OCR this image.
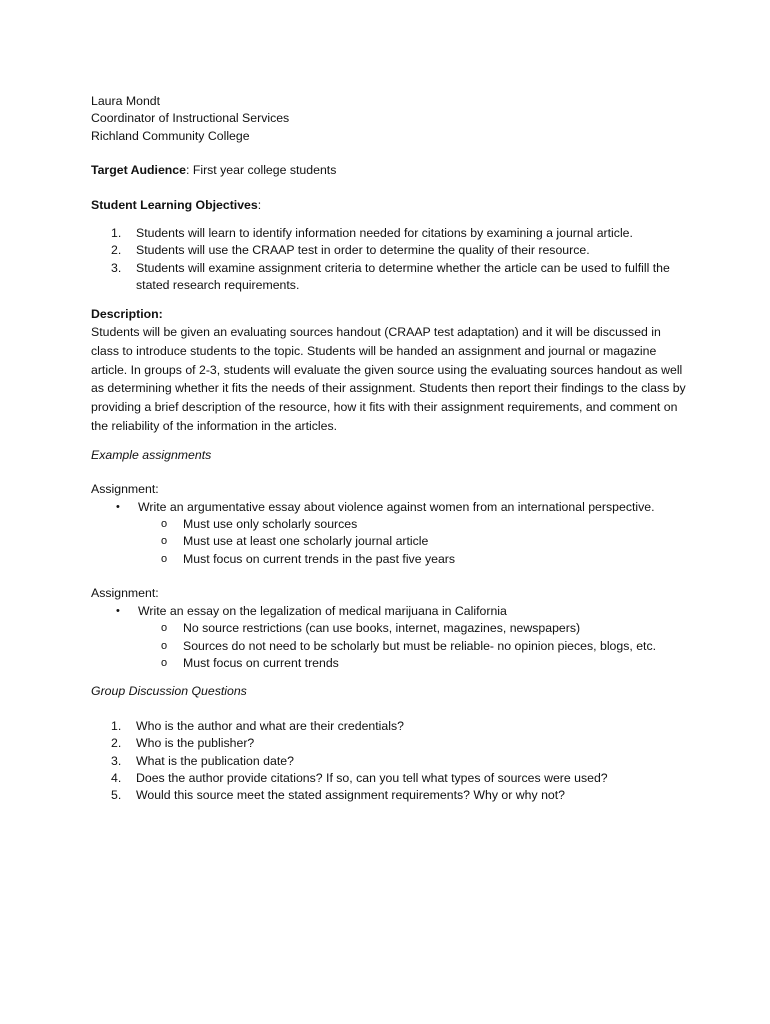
Laura Mondt
Coordinator of Instructional Services
Richland Community College
Target Audience: First year college students
Student Learning Objectives:
1. Students will learn to identify information needed for citations by examining a journal article.
2. Students will use the CRAAP test in order to determine the quality of their resource.
3. Students will examine assignment criteria to determine whether the article can be used to fulfill the stated research requirements.
Description:
Students will be given an evaluating sources handout (CRAAP test adaptation) and it will be discussed in class to introduce students to the topic. Students will be handed an assignment and journal or magazine article. In groups of 2-3, students will evaluate the given source using the evaluating sources handout as well as determining whether it fits the needs of their assignment. Students then report their findings to the class by providing a brief description of the resource, how it fits with their assignment requirements, and comment on the reliability of the information in the articles.
Example assignments
Assignment:
• Write an argumentative essay about violence against women from an international perspective.
o Must use only scholarly sources
o Must use at least one scholarly journal article
o Must focus on current trends in the past five years
Assignment:
• Write an essay on the legalization of medical marijuana in California
o No source restrictions (can use books, internet, magazines, newspapers)
o Sources do not need to be scholarly but must be reliable- no opinion pieces, blogs, etc.
o Must focus on current trends
Group Discussion Questions
1. Who is the author and what are their credentials?
2. Who is the publisher?
3. What is the publication date?
4. Does the author provide citations? If so, can you tell what types of sources were used?
5. Would this source meet the stated assignment requirements? Why or why not?
